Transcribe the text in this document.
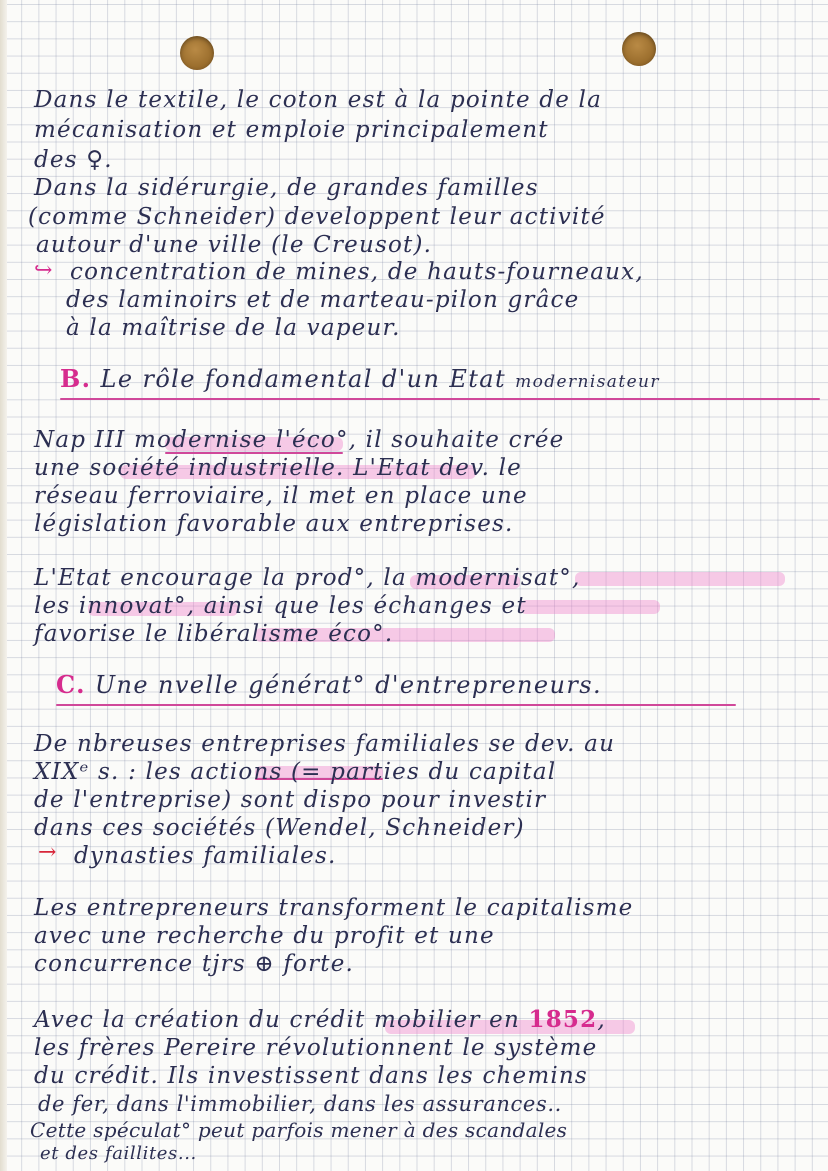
Dans le textile, le coton est à la pointe de la
mécanisation et emploie principalement
des ♀.
Dans la sidérurgie, de grandes familles
(comme Schneider) developpent leur activité
autour d'une ville (le Creusot).
↪ concentration de mines, de hauts-fourneaux,
des laminoirs et de marteau-pilon grâce
à la maîtrise de la vapeur.
B. Le rôle fondamental d'un Etat modernisateur
Nap III modernise l'éco°, il souhaite crée
une société industrielle. L'Etat dev. le
réseau ferroviaire, il met en place une
législation favorable aux entreprises.
L'Etat encourage la prod°, la modernisat°,
les innovat°, ainsi que les échanges et
favorise le libéralisme éco°.
C. Une nvelle générat° d'entrepreneurs.
De nbreuses entreprises familiales se dev. au
XIXᵉ s. : les actions (= parties du capital
de l'entreprise) sont dispo pour investir
dans ces sociétés (Wendel, Schneider)
→ dynasties familiales.
Les entrepreneurs transforment le capitalisme
avec une recherche du profit et une
concurrence tjrs ⊕ forte.
Avec la création du crédit mobilier en 1852,
les frères Pereire révolutionnent le système
du crédit. Ils investissent dans les chemins
de fer, dans l'immobilier, dans les assurances..
Cette spéculat° peut parfois mener à des scandales
et des faillites...
